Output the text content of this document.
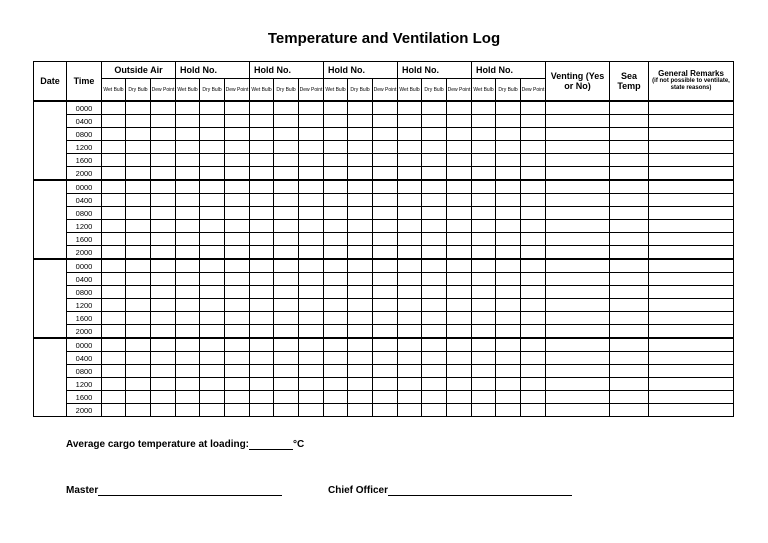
Temperature and Ventilation Log
Date	Time	Outside Air			Hold No.			Hold No.			Hold No.			Hold No.			Hold No.			Venting (Yes or No)	Sea Temp	General Remarks
(if not possible to ventilate, state reasons)

		Wet Bulb	Dry Bulb	Dew Point	Wet Bulb	Dry Bulb	Dew Point	Wet Bulb	Dry Bulb	Dew Point	Wet Bulb	Dry Bulb	Dew Point	Wet Bulb	Dry Bulb	Dew Point	Wet Bulb	Dry Bulb	Dew Point			
	0000																					
	0400																					
	0800																					
	1200																					
	1600																					
	2000																					
	0000																					
	0400																					
	0800																					
	1200																					
	1600																					
	2000																					
	0000																					
	0400																					
	0800																					
	1200																					
	1600																					
	2000																					
	0000																					
	0400																					
	0800																					
	1200																					
	1600																					
	2000																					
Average cargo temperature at loading:	°C
Master	Chief Officer
